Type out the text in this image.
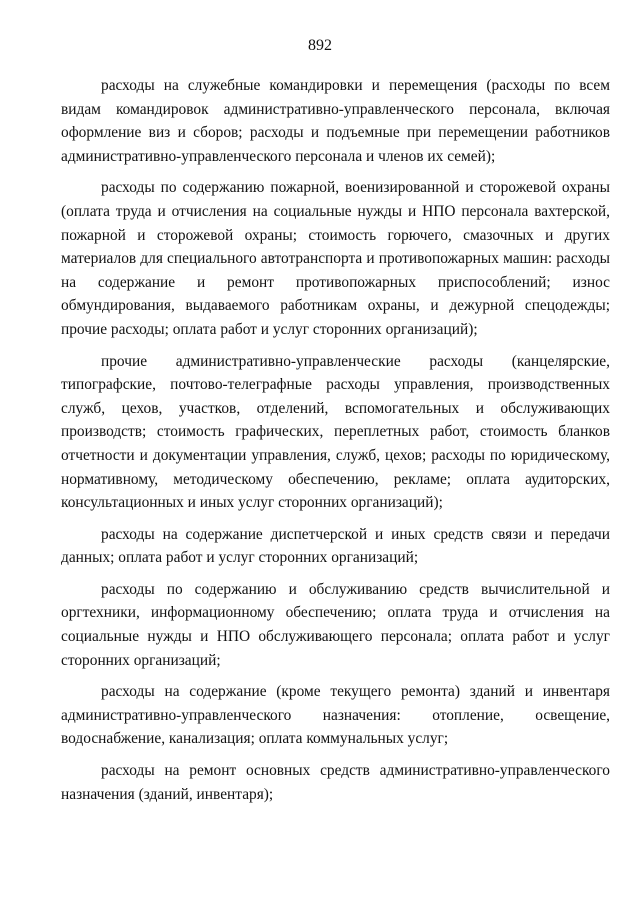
892

расходы на служебные командировки и перемещения (расходы по всем видам командировок административно-управленческого персонала, включая оформление виз и сборов; расходы и подъемные при перемещении работников административно-управленческого персонала и членов их семей);

расходы по содержанию пожарной, военизированной и сторожевой охраны (оплата труда и отчисления на социальные нужды и НПО персонала вахтерской, пожарной и сторожевой охраны; стоимость горючего, смазочных и других материалов для специального автотранспорта и противопожарных машин: расходы на содержание и ремонт противопожарных приспособлений; износ обмундирования, выдаваемого работникам охраны, и дежурной спецодежды; прочие расходы; оплата работ и услуг сторонних организаций);

прочие административно-управленческие расходы (канцелярские, типографские, почтово-телеграфные расходы управления, производственных служб, цехов, участков, отделений, вспомогательных и обслуживающих производств; стоимость графических, переплетных работ, стоимость бланков отчетности и документации управления, служб, цехов; расходы по юридическому, нормативному, методическому обеспечению, рекламе; оплата аудиторских, консультационных и иных услуг сторонних организаций);

расходы на содержание диспетчерской и иных средств связи и передачи данных; оплата работ и услуг сторонних организаций;

расходы по содержанию и обслуживанию средств вычислительной и оргтехники, информационному обеспечению; оплата труда и отчисления на социальные нужды и НПО обслуживающего персонала; оплата работ и услуг сторонних организаций;

расходы на содержание (кроме текущего ремонта) зданий и инвентаря административно-управленческого назначения: отопление, освещение, водоснабжение, канализация; оплата коммунальных услуг;

расходы на ремонт основных средств административно-управленческого назначения (зданий, инвентаря);
